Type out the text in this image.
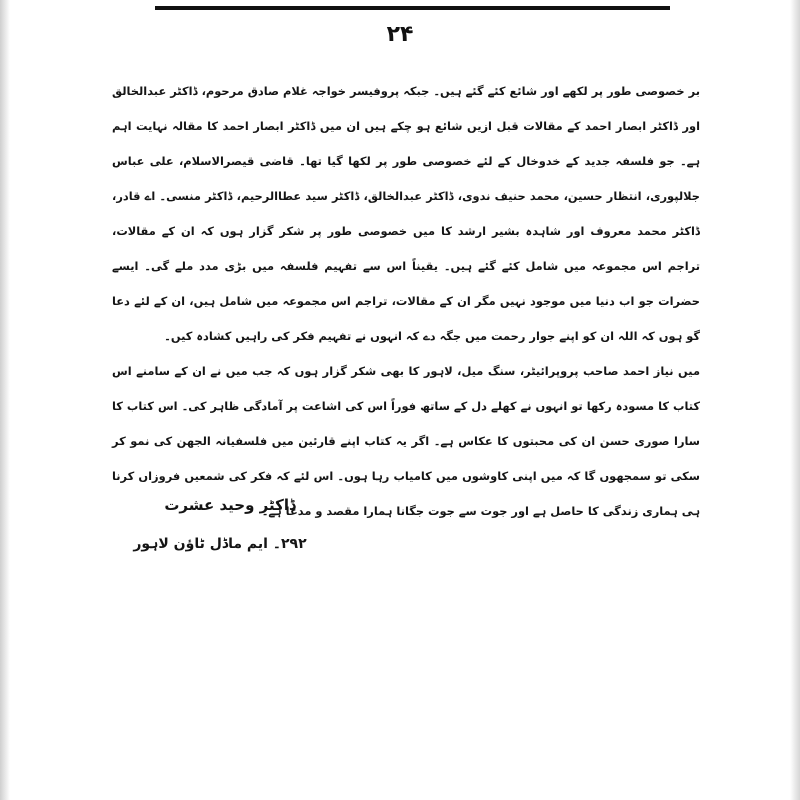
۲۴

بر خصوصی طور پر لکھے اور شائع کئے گئے ہیں۔ جبکہ پروفیسر خواجہ غلام صادق مرحوم، ڈاکٹر عبدالخالق اور ڈاکٹر ابصار احمد کے مقالات قبل ازیں شائع ہو چکے ہیں ان میں ڈاکٹر ابصار احمد کا مقالہ نہایت اہم ہے۔ جو فلسفہ جدید کے خدوخال کے لئے خصوصی طور پر لکھا گیا تھا۔ قاضی قیصرالاسلام، علی عباس جلالپوری، انتظار حسین، محمد حنیف ندوی، ڈاکٹر عبدالخالق، ڈاکٹر سید عطاالرحیم، ڈاکٹر منسی۔ اے قادر، ڈاکٹر محمد معروف اور شاہدہ بشیر ارشد کا میں خصوصی طور پر شکر گزار ہوں کہ ان کے مقالات، تراجم اس مجموعہ میں شامل کئے گئے ہیں۔ یقیناً اس سے تفہیم فلسفہ میں بڑی مدد ملے گی۔ ایسے حضرات جو اب دنیا میں موجود نہیں مگر ان کے مقالات، تراجم اس مجموعہ میں شامل ہیں، ان کے لئے دعا گو ہوں کہ اللہ ان کو اپنے جوار رحمت میں جگہ دے کہ انہوں نے تفہیم فکر کی راہیں کشادہ کیں۔

میں نیاز احمد صاحب پروپرائیٹر، سنگ میل، لاہور کا بھی شکر گزار ہوں کہ جب میں نے ان کے سامنے اس کتاب کا مسودہ رکھا تو انہوں نے کھلے دل کے ساتھ فوراً اس کی اشاعت پر آمادگی ظاہر کی۔ اس کتاب کا سارا صوری حسن ان کی محبتوں کا عکاس ہے۔ اگر یہ کتاب اپنے قارئین میں فلسفیانہ الجھن کی نمو کر سکی تو سمجھوں گا کہ میں اپنی کاوشوں میں کامیاب رہا ہوں۔ اس لئے کہ فکر کی شمعیں فروزاں کرنا ہی ہماری زندگی کا حاصل ہے اور جوت سے جوت جگانا ہمارا مقصد و مدعا ہے۔

ڈاکٹر وحید عشرت
۲۹۲۔ ایم ماڈل ٹاؤن لاہور
